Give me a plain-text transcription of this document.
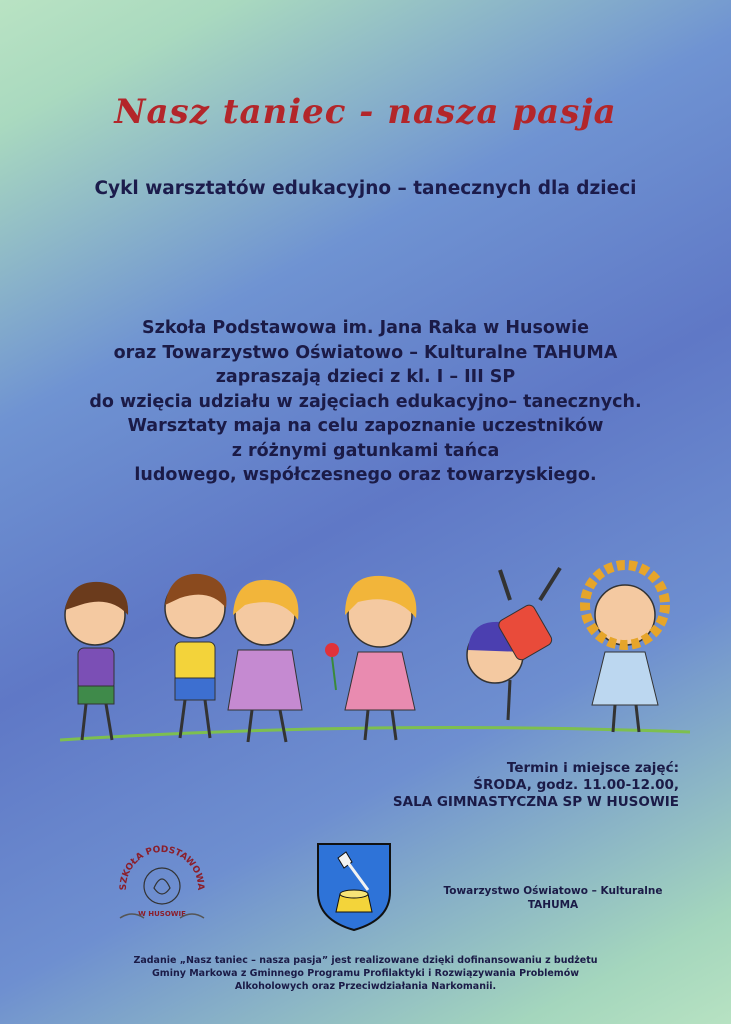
Nasz taniec - nasza pasja
Cykl warsztatów edukacyjno – tanecznych dla dzieci
Szkoła Podstawowa im. Jana Raka w Husowie
oraz Towarzystwo Oświatowo – Kulturalne TAHUMA
zapraszają dzieci z kl. I – III SP
do wzięcia udziału w zajęciach edukacyjno– tanecznych.
Warsztaty maja na celu zapoznanie uczestników
z różnymi gatunkami tańca
ludowego, współczesnego oraz towarzyskiego.
Termin i miejsce zajęć:
ŚRODA, godz. 11.00-12.00,
SALA GIMNASTYCZNA SP W HUSOWIE
SZKOŁA PODSTAWOWA
W HUSOWIE
Towarzystwo Oświatowo – Kulturalne
TAHUMA
Zadanie „Nasz taniec – nasza pasja” jest realizowane dzięki dofinansowaniu z budżetu
Gminy Markowa z Gminnego Programu Profilaktyki i Rozwiązywania Problemów
Alkoholowych oraz Przeciwdziałania Narkomanii.
